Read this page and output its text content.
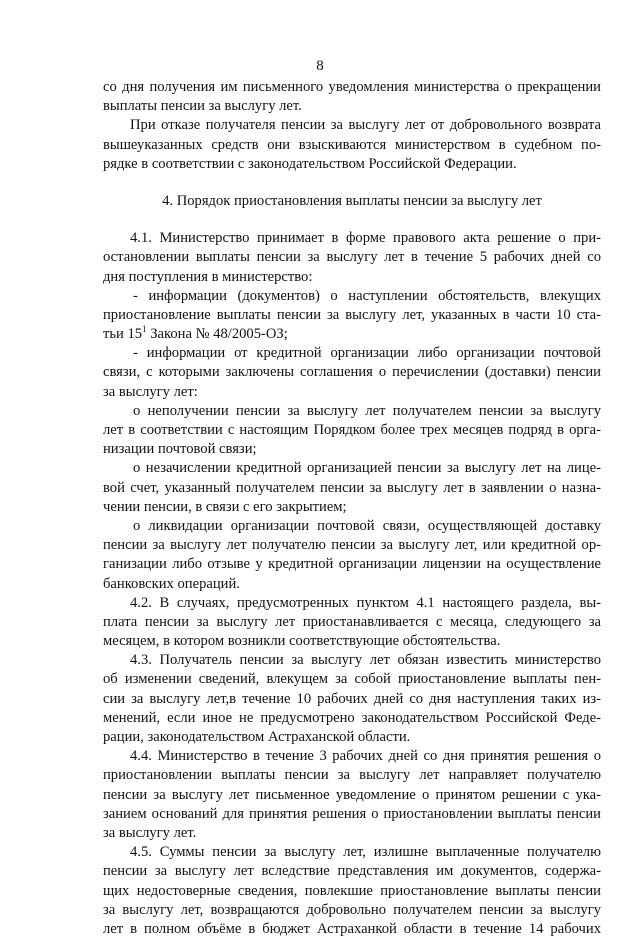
8
со дня получения им письменного уведомления министерства о прекращении
выплаты пенсии за выслугу лет.
При отказе получателя пенсии за выслугу лет от добровольного возврата
вышеуказанных средств они взыскиваются министерством в судебном по-
рядке в соответствии с законодательством Российской Федерации.
4. Порядок приостановления выплаты пенсии за выслугу лет
4.1. Министерство принимает в форме правового акта решение о при-
остановлении выплаты пенсии за выслугу лет в течение 5 рабочих дней со
дня поступления в министерство:
- информации (документов) о наступлении обстоятельств, влекущих
приостановление выплаты пенсии за выслугу лет, указанных в части 10 ста-
тьи $15^1$ Закона № 48/2005-ОЗ;
- информации от кредитной организации либо организации почтовой
связи, с которыми заключены соглашения о перечислении (доставки) пенсии
за выслугу лет:
о неполучении пенсии за выслугу лет получателем пенсии за выслугу
лет в соответствии с настоящим Порядком более трех месяцев подряд в орга-
низации почтовой связи;
о незачислении кредитной организацией пенсии за выслугу лет на лице-
вой счет, указанный получателем пенсии за выслугу лет в заявлении о назна-
чении пенсии, в связи с его закрытием;
о ликвидации организации почтовой связи, осуществляющей доставку
пенсии за выслугу лет получателю пенсии за выслугу лет, или кредитной ор-
ганизации либо отзыве у кредитной организации лицензии на осуществление
банковских операций.
4.2. В случаях, предусмотренных пунктом 4.1 настоящего раздела, вы-
плата пенсии за выслугу лет приостанавливается с месяца, следующего за
месяцем, в котором возникли соответствующие обстоятельства.
4.3. Получатель пенсии за выслугу лет обязан известить министерство
об изменении сведений, влекущем за собой приостановление выплаты пен-
сии за выслугу лет,в течение 10 рабочих дней со дня наступления таких из-
менений, если иное не предусмотрено законодательством Российской Феде-
рации, законодательством Астраханской области.
4.4. Министерство в течение 3 рабочих дней со дня принятия решения о
приостановлении выплаты пенсии за выслугу лет направляет получателю
пенсии за выслугу лет письменное уведомление о принятом решении с ука-
занием оснований для принятия решения о приостановлении выплаты пенсии
за выслугу лет.
4.5. Суммы пенсии за выслугу лет, излишне выплаченные получателю
пенсии за выслугу лет вследствие представления им документов, содержа-
щих недостоверные сведения, повлекшие приостановление выплаты пенсии
за выслугу лет, возвращаются добровольно получателем пенсии за выслугу
лет в полном объёме в бюджет Астраханкой области в течение 14 рабочих
